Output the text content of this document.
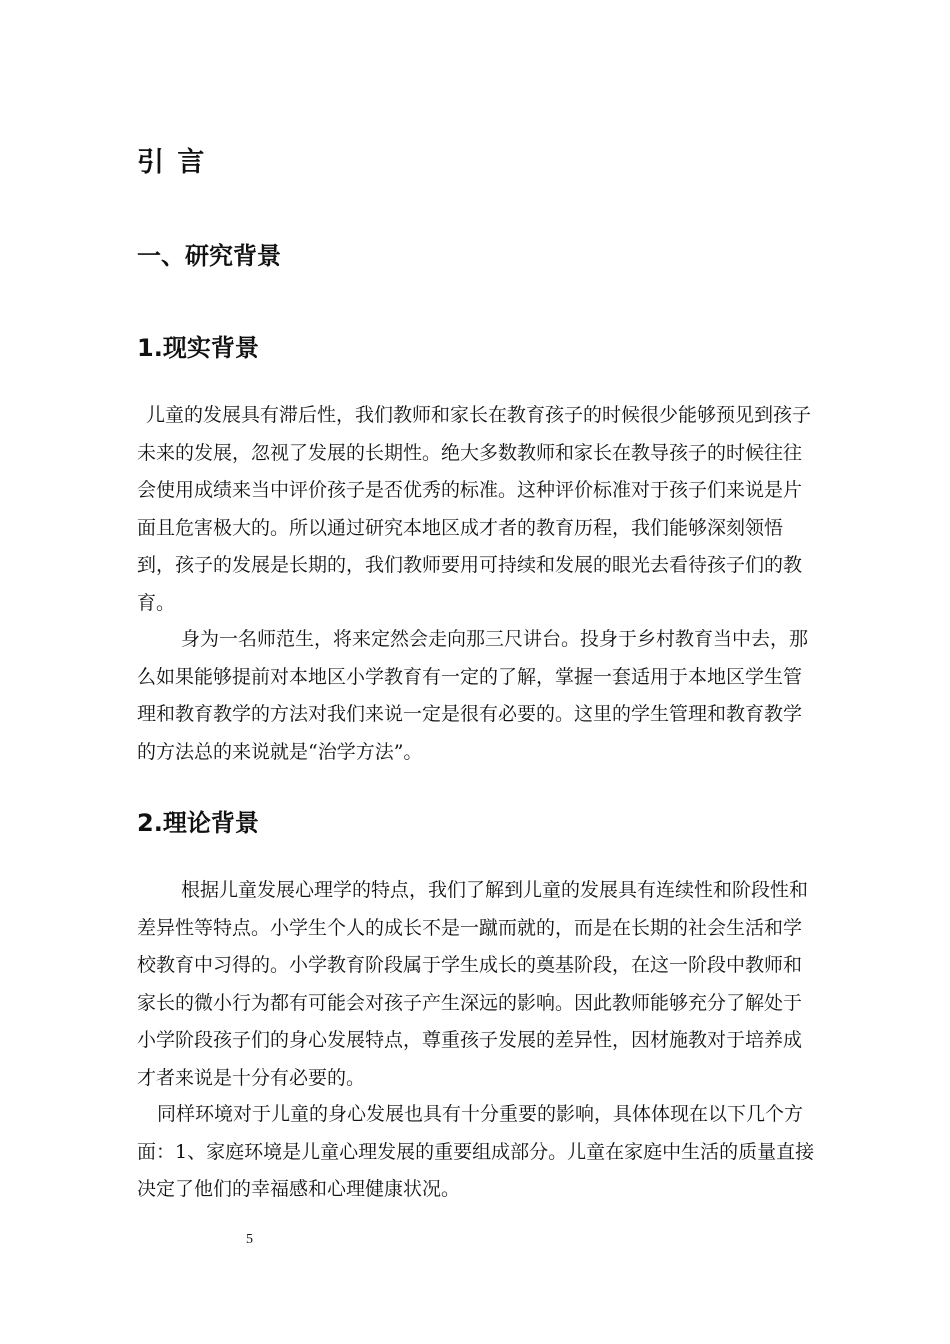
引 言
一、研究背景
1.现实背景

儿童的发展具有滞后性，我们教师和家长在教育孩子的时候很少能够预见到孩子未来的发展，忽视了发展的长期性。绝大多数教师和家长在教导孩子的时候往往会使用成绩来当中评价孩子是否优秀的标准。这种评价标准对于孩子们来说是片面且危害极大的。所以通过研究本地区成才者的教育历程，我们能够深刻领悟到，孩子的发展是长期的，我们教师要用可持续和发展的眼光去看待孩子们的教育。

身为一名师范生，将来定然会走向那三尺讲台。投身于乡村教育当中去，那么如果能够提前对本地区小学教育有一定的了解，掌握一套适用于本地区学生管理和教育教学的方法对我们来说一定是很有必要的。这里的学生管理和教育教学的方法总的来说就是“治学方法”。

2.理论背景

根据儿童发展心理学的特点，我们了解到儿童的发展具有连续性和阶段性和差异性等特点。小学生个人的成长不是一蹴而就的，而是在长期的社会生活和学校教育中习得的。小学教育阶段属于学生成长的奠基阶段，在这一阶段中教师和家长的微小行为都有可能会对孩子产生深远的影响。因此教师能够充分了解处于小学阶段孩子们的身心发展特点，尊重孩子发展的差异性，因材施教对于培养成才者来说是十分有必要的。

同样环境对于儿童的身心发展也具有十分重要的影响，具体体现在以下几个方面：1、家庭环境是儿童心理发展的重要组成部分。儿童在家庭中生活的质量直接决定了他们的幸福感和心理健康状况。

5
